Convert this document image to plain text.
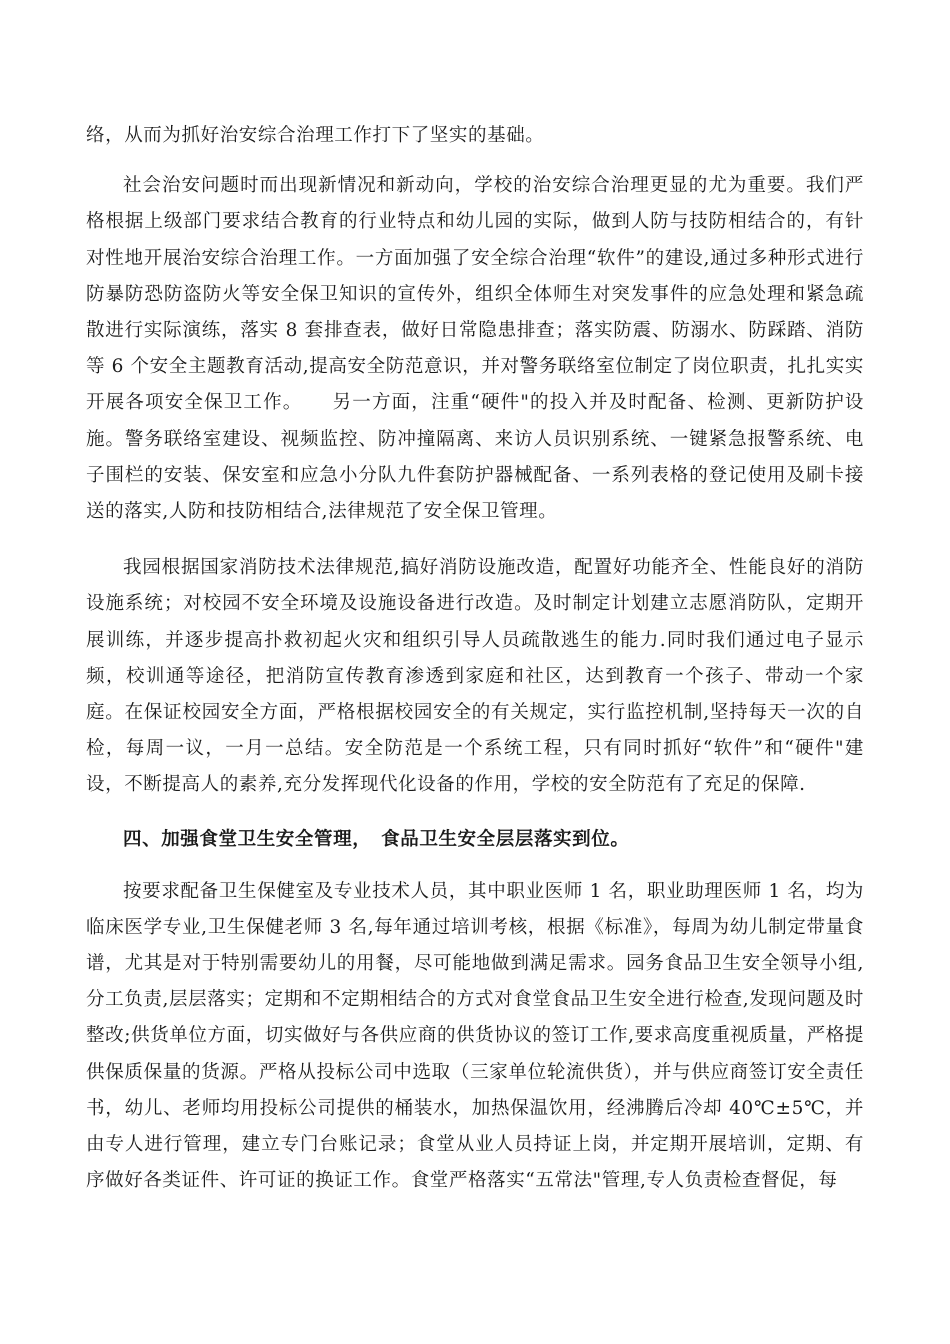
络，从而为抓好治安综合治理工作打下了坚实的基础。

社会治安问题时而出现新情况和新动向，学校的治安综合治理更显的尤为重要。我们严格根据上级部门要求结合教育的行业特点和幼儿园的实际，做到人防与技防相结合的，有针对性地开展治安综合治理工作。一方面加强了安全综合治理“软件”的建设,通过多种形式进行防暴防恐防盗防火等安全保卫知识的宣传外，组织全体师生对突发事件的应急处理和紧急疏散进行实际演练，落实 8 套排查表，做好日常隐患排查；落实防震、防溺水、防踩踏、消防等 6 个安全主题教育活动,提高安全防范意识，并对警务联络室位制定了岗位职责，扎扎实实开展各项安全保卫工作。　　另一方面，注重“硬件"的投入并及时配备、检测、更新防护设施。警务联络室建设、视频监控、防冲撞隔离、来访人员识别系统、一键紧急报警系统、电子围栏的安装、保安室和应急小分队九件套防护器械配备、一系列表格的登记使用及刷卡接送的落实,人防和技防相结合,法律规范了安全保卫管理。

我园根据国家消防技术法律规范,搞好消防设施改造，配置好功能齐全、性能良好的消防设施系统；对校园不安全环境及设施设备进行改造。及时制定计划建立志愿消防队，定期开展训练，并逐步提高扑救初起火灾和组织引导人员疏散逃生的能力.同时我们通过电子显示频，校训通等途径，把消防宣传教育渗透到家庭和社区，达到教育一个孩子、带动一个家庭。在保证校园安全方面，严格根据校园安全的有关规定，实行监控机制,坚持每天一次的自检，每周一议，一月一总结。安全防范是一个系统工程，只有同时抓好“软件”和“硬件"建设，不断提高人的素养,充分发挥现代化设备的作用，学校的安全防范有了充足的保障.

四、加强食堂卫生安全管理，　食品卫生安全层层落实到位。

按要求配备卫生保健室及专业技术人员，其中职业医师 1 名，职业助理医师 1 名，均为临床医学专业,卫生保健老师 3 名,每年通过培训考核，根据《标准》，每周为幼儿制定带量食谱，尤其是对于特别需要幼儿的用餐，尽可能地做到满足需求。园务食品卫生安全领导小组,分工负责,层层落实；定期和不定期相结合的方式对食堂食品卫生安全进行检查,发现问题及时整改;供货单位方面，切实做好与各供应商的供货协议的签订工作,要求高度重视质量，严格提供保质保量的货源。严格从投标公司中选取（三家单位轮流供货），并与供应商签订安全责任书，幼儿、老师均用投标公司提供的桶装水，加热保温饮用，经沸腾后冷却 40℃±5℃，并由专人进行管理，建立专门台账记录；食堂从业人员持证上岗，并定期开展培训，定期、有序做好各类证件、许可证的换证工作。食堂严格落实“五常法"管理,专人负责检查督促，每
